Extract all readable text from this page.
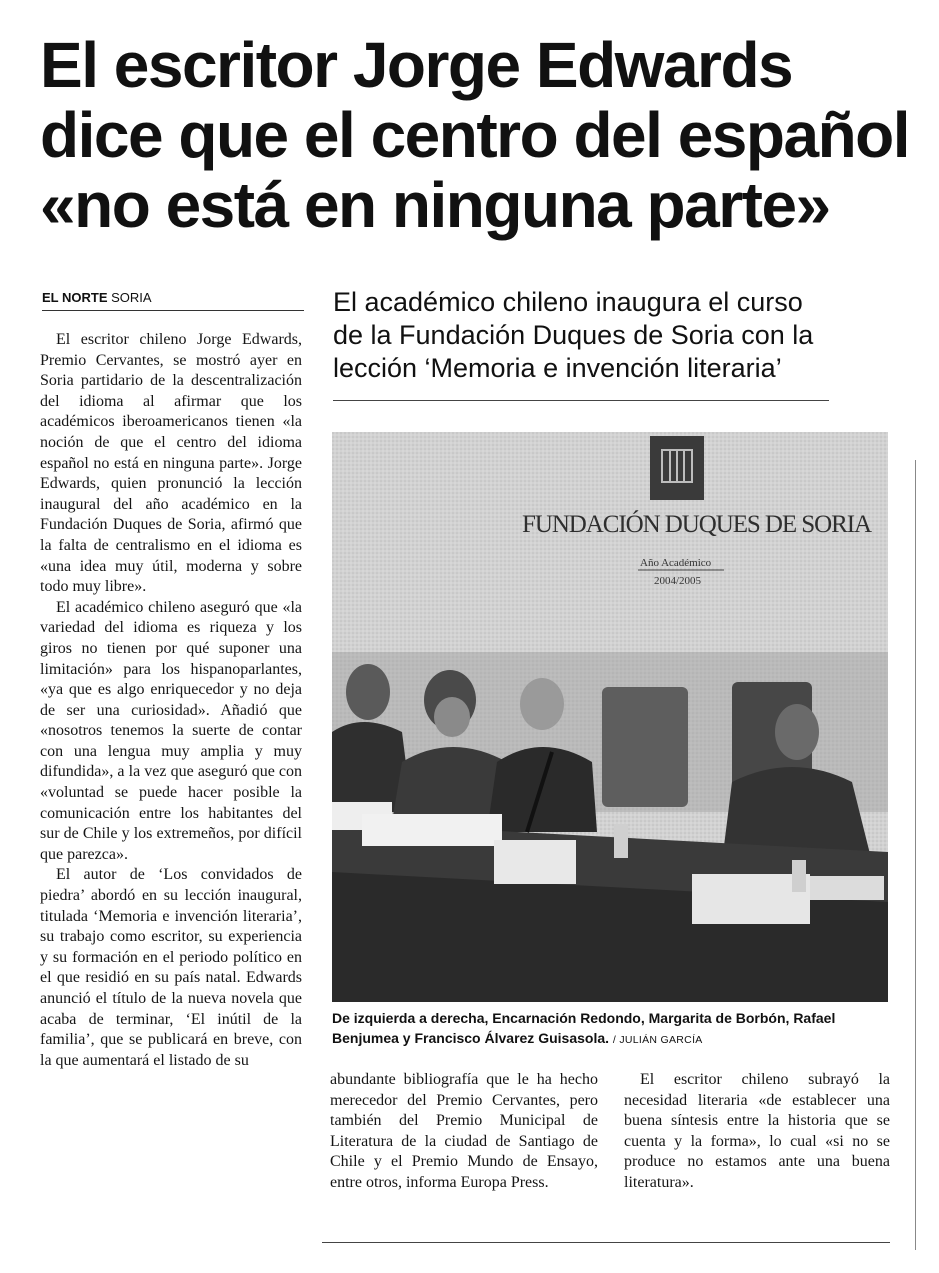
El escritor Jorge Edwards
dice que el centro del español
«no está en ninguna parte»
EL NORTE SORIA	El académico chileno inaugura el curso
de la Fundación Duques de Soria con la
lección ‘Memoria e invención literaria’

El escritor chileno Jorge Edwards, Premio Cervantes, se mostró ayer en Soria partidario de la descentralización del idioma al afirmar que los académicos iberoamericanos tienen «la noción de que el centro del idioma español no está en ninguna parte». Jorge Edwards, quien pronunció la lección inaugural del año académico en la Fundación Duques de Soria, afirmó que la falta de centralismo en el idioma es «una idea muy útil, moderna y sobre todo muy libre».

El académico chileno aseguró que «la variedad del idioma es riqueza y los giros no tienen por qué suponer una limitación» para los hispanoparlantes, «ya que es algo enriquecedor y no deja de ser una curiosidad». Añadió que «nosotros tenemos la suerte de contar con una lengua muy amplia y muy difundida», a la vez que aseguró que con «voluntad se puede hacer posible la comunicación entre los habitantes del sur de Chile y los extremeños, por difícil que parezca».

El autor de ‘Los convidados de piedra’ abordó en su lección inaugural, titulada ‘Memoria e invención literaria’, su trabajo como escritor, su experiencia y su formación en el periodo político en el que residió en su país natal. Edwards anunció el título de la nueva novela que acaba de terminar, ‘El inútil de la familia’, que se publicará en breve, con la que aumentará el listado de su

FUNDACIÓN DUQUES DE SORIA
Año Académico
2004/2005
De izquierda a derecha, Encarnación Redondo, Margarita de Borbón, Rafael Benjumea y Francisco Álvarez Guisasola. / JULIÁN GARCÍA

abundante bibliografía que le ha hecho merecedor del Premio Cervantes, pero también del Premio Municipal de Literatura de la ciudad de Santiago de Chile y el Premio Mundo de Ensayo, entre otros, informa Europa Press.

El escritor chileno subrayó la necesidad literaria «de establecer una buena síntesis entre la historia que se cuenta y la forma», lo cual «si no se produce no estamos ante una buena literatura».
